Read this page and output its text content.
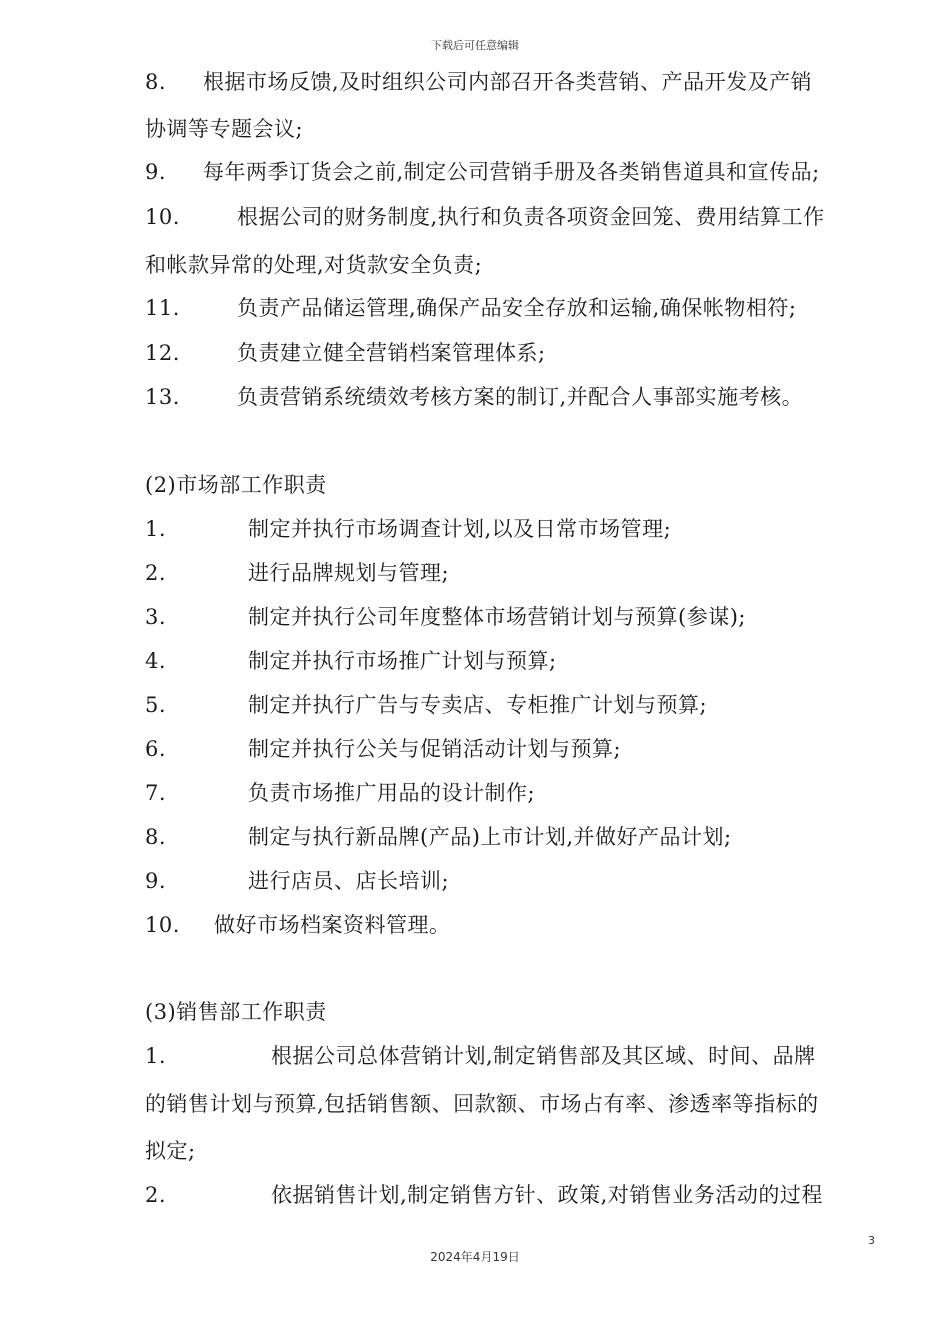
下载后可任意编辑
8. 根据市场反馈,及时组织公司内部召开各类营销、产品开发及产销
协调等专题会议;
9. 每年两季订货会之前,制定公司营销手册及各类销售道具和宣传品;
10.	根据公司的财务制度,执行和负责各项资金回笼、费用结算工作
和帐款异常的处理,对货款安全负责;
11.	负责产品储运管理,确保产品安全存放和运输,确保帐物相符;
12.	负责建立健全营销档案管理体系;
13.	负责营销系统绩效考核方案的制订,并配合人事部实施考核。
(2)市场部工作职责
1.	制定并执行市场调查计划,以及日常市场管理;
2.	进行品牌规划与管理;
3.	制定并执行公司年度整体市场营销计划与预算(参谋);
4.	制定并执行市场推广计划与预算;
5.	制定并执行广告与专卖店、专柜推广计划与预算;
6.	制定并执行公关与促销活动计划与预算;
7.	负责市场推广用品的设计制作;
8.	制定与执行新品牌(产品)上市计划,并做好产品计划;
9.	进行店员、店长培训;
10. 做好市场档案资料管理。
(3)销售部工作职责
1.	根据公司总体营销计划,制定销售部及其区域、时间、品牌
的销售计划与预算,包括销售额、回款额、市场占有率、渗透率等指标的
拟定;
2.	依据销售计划,制定销售方针、政策,对销售业务活动的过程
3
2024年4月19日
